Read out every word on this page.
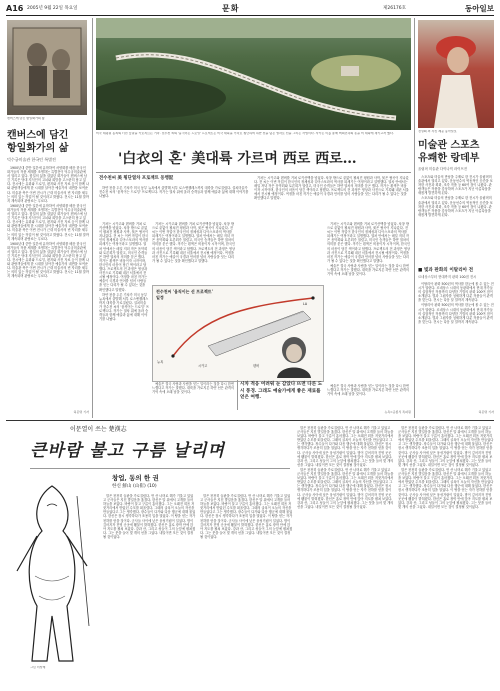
A16 2005년 9월 22일 목요일	문화	제26176호	동아일보
캔버스에 담긴 항일화가의 삶
캔버스에 담긴
항일화가의 삶
덕수궁미술관 한국인 특별전

1900년대 중반 일본에 유학하여 서양화를 배운 한국인 화가들의 작품 세계를 조명하는 특별전이 덕수궁미술관에서 열리고 있다. 항일의 삶을 살았던 화가들이 캔버스에 남긴 기록은 당대 지식인의 고뇌와 희망을 고스란히 담고 있다. 전시에는 유화와 드로잉, 편지와 사진 자료 등이 함께 나와 관람객들에게 한 시대를 살아간 예술가의 내면을 보여준다. 미술관 측은 이번 전시가 근대 미술사의 빈 자리를 채우는 의미 있는 작업이 될 것이라고 밝혔다. 전시는 11월 말까지 계속되며 관람료는 무료다.

1900년대 중반 일본에 유학하여 서양화를 배운 한국인 화가들의 작품 세계를 조명하는 특별전이 덕수궁미술관에서 열리고 있다. 항일의 삶을 살았던 화가들이 캔버스에 남긴 기록은 당대 지식인의 고뇌와 희망을 고스란히 담고 있다. 전시에는 유화와 드로잉, 편지와 사진 자료 등이 함께 나와 관람객들에게 한 시대를 살아간 예술가의 내면을 보여준다. 미술관 측은 이번 전시가 근대 미술사의 빈 자리를 채우는 의미 있는 작업이 될 것이라고 밝혔다. 전시는 11월 말까지 계속되며 관람료는 무료다.

1900년대 중반 일본에 유학하여 서양화를 배운 한국인 화가들의 작품 세계를 조명하는 특별전이 덕수궁미술관에서 열리고 있다. 항일의 삶을 살았던 화가들이 캔버스에 남긴 기록은 당대 지식인의 고뇌와 희망을 고스란히 담고 있다. 전시에는 유화와 드로잉, 편지와 사진 자료 등이 함께 나와 관람객들에게 한 시대를 살아간 예술가의 내면을 보여준다. 미술관 측은 이번 전시가 근대 미술사의 빈 자리를 채우는 의미 있는 작업이 될 것이라고 밝혔다. 전시는 11월 말까지 계속되며 관람료는 무료다.

허문명 기자
미국 대평원 동쪽의 너른 들판을 가로지르는 기차. 전수천 씨의 '움직이는 드로잉' 프로젝트는 미국 대륙을 기차로 횡단하며 하얀 천을 덮은 열차로 선을 그리는 작업이다. 작가는 이를 통해 백의민족의 혼을 미 대륙에 새기고자 했다.	전성희 씨 사진 제공 동아일보
미술관 스포츠
유쾌한 랑데부
올림픽 미술관 다이나믹 라이프전

스포츠와 미술의 만남을 주제로 한 전시가 올림픽미술관에서 열리고 있다. 운동선수의 역동적인 순간을 포착한 사진과 회화, 조각 작품 등 60여 점이 나왔다. 관람객들은 작품을 감상하며 스포츠가 지닌 아름다움을 새롭게 발견하게 된다.

스포츠와 미술의 만남을 주제로 한 전시가 올림픽미술관에서 열리고 있다. 운동선수의 역동적인 순간을 포착한 사진과 회화, 조각 작품 등 60여 점이 나왔다. 관람객들은 작품을 감상하며 스포츠가 지닌 아름다움을 새롭게 발견하게 된다.

■ 빛과 판화의 이탈리아 전
르네상스부터 현대까지 판화 100점 전시

이탈리아 판화 500년의 역사를 한눈에 볼 수 있는 전시가 열린다. 르네상스 시대의 동판화에서 현대 작가들의 실험적인 작품까지 다양한 기법의 판화 100여 점이 소개된다. 빛과 그림자를 섬세하게 다룬 작품들이 관객을 맞는다. 전시는 다음 달 말까지 계속된다.

이탈리아 판화 500년의 역사를 한눈에 볼 수 있는 전시가 열린다. 르네상스 시대의 동판화에서 현대 작가들의 실험적인 작품까지 다양한 기법의 판화 100여 점이 소개된다. 빛과 그림자를 섬세하게 다룬 작품들이 관객을 맞는다. 전시는 다음 달 말까지 계속된다.

허문명 기자
'白衣의 혼' 美대륙 가르며 西로 西로…
전수천씨 美 횡단열차 프로젝트 동행記

하얀 천을 두른 기차가 미국 동부 뉴욕에서 출발해 서부 로스앤젤레스까지 대륙을 가로질렀다. 설치미술가 전수천 씨의 '움직이는 드로잉' 프로젝트다. 작가는 열차 위에 올라 승객들과 함께 예술과 삶에 대해 이야기를 나눴다.

기차는 시카고와 덴버를 거쳐 로키산맥을 넘었다. 차창 밖으로 끝없이 펼쳐진 평원과 사막, 붉은 협곡이 지나갔다. 전 씨는 이번 작업이 한국인의 정체성과 디아스포라의 역사를 되새기는 여정이라고 설명했다. 열차 안에서는 매일 저녁 작은 음악회와 토론회가 열렸고, 미국인 승객들은 하얀 열차의 의미를 묻곤 했다. 작가는 흰색은 비움이자 시작이며, 한국인의 마음이 담긴 색이라고 답했다. 프로젝트의 전 과정은 영상과 사진으로 기록돼 내년 서울에서 전시될 예정이다. 여정을 마친 작가는 예술이 국경과 언어를 넘어 사람들을 잇는 다리가 될 수 있다는 것을 확인했다고 말했다.

기차는 시카고와 덴버를 거쳐 로키산맥을 넘었다. 차창 밖으로 끝없이 펼쳐진 평원과 사막, 붉은 협곡이 지나갔다. 전 씨는 이번 작업이 한국인의 정체성과 디아스포라의 역사를 되새기는 여정이라고 설명했다. 열차 안에서는 매일 저녁 작은 음악회와 토론회가 열렸고, 미국인 승객들은 하얀 열차의 의미를 묻곤 했다. 작가는 흰색은 비움이자 시작이며, 한국인의 마음이 담긴 색이라고 답했다. 프로젝트의 전 과정은 영상과 사진으로 기록돼 내년 서울에서 전시될 예정이다. 여정을 마친 작가는 예술이 국경과 언어를 넘어 사람들을 잇는 다리가 될 수 있다는 것을 확인했다고 말했다.

하얀 천을 두른 기차가 미국 동부 뉴욕에서 출발해 서부 로스앤젤레스까지 대륙을 가로질렀다. 설치미술가 전수천 씨의 '움직이는 드로잉' 프로젝트다. 작가는 열차 위에 올라 승객들과 함께 예술과 삶에 대해 이야기를 나눴다.

기차는 시카고와 덴버를 거쳐 로키산맥을 넘었다. 차창 밖으로 끝없이 펼쳐진 평원과 사막, 붉은 협곡이 지나갔다. 전 씨는 이번 작업이 한국인의 정체성과 디아스포라의 역사를 되새기는 여정이라고 설명했다. 열차 안에서는 매일 저녁 작은 음악회와 토론회가 열렸고, 미국인 승객들은 하얀 열차의 의미를 묻곤 했다. 작가는 흰색은 비움이자 시작이며, 한국인의 마음이 담긴 색이라고 답했다. 프로젝트의 전 과정은 영상과 사진으로 기록돼 내년 서울에서 전시될 예정이다. 여정을 마친 작가는 예술이 국경과 언어를 넘어 사람들을 잇는 다리가 될 수 있다는 것을 확인했다고 말했다.

전수천씨 '움직이는 선 프로젝트' 일정
뉴욕
시카고	덴버
LA
시차 적응 어려워 눈 감았다 뜨면 다른 도시 풍경. 그래도 예술가에게 좋은 재료를 얻은 여행.

예술은 결국 사람과 사람을 잇는 일이라는 것을 다시 한번 느꼈다고 작가는 말했다. 대륙을 가로지른 하얀 선은 관객의 기억 속에 오래 남을 것이다.

기차는 시카고와 덴버를 거쳐 로키산맥을 넘었다. 차창 밖으로 끝없이 펼쳐진 평원과 사막, 붉은 협곡이 지나갔다. 전 씨는 이번 작업이 한국인의 정체성과 디아스포라의 역사를 되새기는 여정이라고 설명했다. 열차 안에서는 매일 저녁 작은 음악회와 토론회가 열렸고, 미국인 승객들은 하얀 열차의 의미를 묻곤 했다. 작가는 흰색은 비움이자 시작이며, 한국인의 마음이 담긴 색이라고 답했다. 프로젝트의 전 과정은 영상과 사진으로 기록돼 내년 서울에서 전시될 예정이다. 여정을 마친 작가는 예술이 국경과 언어를 넘어 사람들을 잇는 다리가 될 수 있다는 것을 확인했다고 말했다.

예술은 결국 사람과 사람을 잇는 일이라는 것을 다시 한번 느꼈다고 작가는 말했다. 대륙을 가로지른 하얀 선은 관객의 기억 속에 오래 남을 것이다.

예술은 결국 사람과 사람을 잇는 일이라는 것을 다시 한번 느꼈다고 작가는 말했다. 대륙을 가로지른 하얀 선은 관객의 기억 속에 오래 남을 것이다.

뉴욕=공종식 특파원
이문열이 쓰는 楚漢志
큰바람 불고 구름 날리며
창업, 동의 한 권
한신 鮮山 (山崔) (10)
그림 이상재

말은 천천히 들판을 가로질렀다. 먼 산 너머로 해가 기울고 있었고 군사들은 지친 발걸음을 옮겼다. 한신은 말 위에서 고개를 들어 하늘을 보았다. 바람이 불고 구름이 흩어졌다. 그는 오래전 회음 저잣거리에서 받았던 수모를 떠올렸다. 그때의 굴욕이 오늘의 자신을 만들었다고 그는 생각했다. 장수들이 다가와 다음 행군에 대해 물었다. 한신은 잠시 생각하다가 조용히 입을 열었다. 이 땅을 얻는 자가 천하를 얻을 것이다. 군사들 사이에 낮은 웅성거림이 일었다. 밤이 깊어지자 진영 곳곳에 횃불이 밝혀졌다. 한신은 홀로 장막 안에 앉아 지도를 펼쳐 보았다. 강과 산, 그리고 성들이 그의 눈앞에 펼쳐졌다. 그는 붓을 들어 몇 개의 선을 그었다. 내일이면 모든 것이 결정될 것이었다.

말은 천천히 들판을 가로질렀다. 먼 산 너머로 해가 기울고 있었고 군사들은 지친 발걸음을 옮겼다. 한신은 말 위에서 고개를 들어 하늘을 보았다. 바람이 불고 구름이 흩어졌다. 그는 오래전 회음 저잣거리에서 받았던 수모를 떠올렸다. 그때의 굴욕이 오늘의 자신을 만들었다고 그는 생각했다. 장수들이 다가와 다음 행군에 대해 물었다. 한신은 잠시 생각하다가 조용히 입을 열었다. 이 땅을 얻는 자가 천하를 얻을 것이다. 군사들 사이에 낮은 웅성거림이 일었다. 밤이 깊어지자 진영 곳곳에 횃불이 밝혀졌다. 한신은 홀로 장막 안에 앉아 지도를 펼쳐 보았다. 강과 산, 그리고 성들이 그의 눈앞에 펼쳐졌다. 그는 붓을 들어 몇 개의 선을 그었다. 내일이면 모든 것이 결정될 것이었다.

말은 천천히 들판을 가로질렀다. 먼 산 너머로 해가 기울고 있었고 군사들은 지친 발걸음을 옮겼다. 한신은 말 위에서 고개를 들어 하늘을 보았다. 바람이 불고 구름이 흩어졌다. 그는 오래전 회음 저잣거리에서 받았던 수모를 떠올렸다. 그때의 굴욕이 오늘의 자신을 만들었다고 그는 생각했다. 장수들이 다가와 다음 행군에 대해 물었다. 한신은 잠시 생각하다가 조용히 입을 열었다. 이 땅을 얻는 자가 천하를 얻을 것이다. 군사들 사이에 낮은 웅성거림이 일었다. 밤이 깊어지자 진영 곳곳에 횃불이 밝혀졌다. 한신은 홀로 장막 안에 앉아 지도를 펼쳐 보았다. 강과 산, 그리고 성들이 그의 눈앞에 펼쳐졌다. 그는 붓을 들어 몇 개의 선을 그었다. 내일이면 모든 것이 결정될 것이었다.

말은 천천히 들판을 가로질렀다. 먼 산 너머로 해가 기울고 있었고 군사들은 지친 발걸음을 옮겼다. 한신은 말 위에서 고개를 들어 하늘을 보았다. 바람이 불고 구름이 흩어졌다. 그는 오래전 회음 저잣거리에서 받았던 수모를 떠올렸다. 그때의 굴욕이 오늘의 자신을 만들었다고 그는 생각했다. 장수들이 다가와 다음 행군에 대해 물었다. 한신은 잠시 생각하다가 조용히 입을 열었다. 이 땅을 얻는 자가 천하를 얻을 것이다. 군사들 사이에 낮은 웅성거림이 일었다. 밤이 깊어지자 진영 곳곳에 횃불이 밝혀졌다. 한신은 홀로 장막 안에 앉아 지도를 펼쳐 보았다. 강과 산, 그리고 성들이 그의 눈앞에 펼쳐졌다. 그는 붓을 들어 몇 개의 선을 그었다. 내일이면 모든 것이 결정될 것이었다.

말은 천천히 들판을 가로질렀다. 먼 산 너머로 해가 기울고 있었고 군사들은 지친 발걸음을 옮겼다. 한신은 말 위에서 고개를 들어 하늘을 보았다. 바람이 불고 구름이 흩어졌다. 그는 오래전 회음 저잣거리에서 받았던 수모를 떠올렸다. 그때의 굴욕이 오늘의 자신을 만들었다고 그는 생각했다. 장수들이 다가와 다음 행군에 대해 물었다. 한신은 잠시 생각하다가 조용히 입을 열었다. 이 땅을 얻는 자가 천하를 얻을 것이다. 군사들 사이에 낮은 웅성거림이 일었다. 밤이 깊어지자 진영 곳곳에 횃불이 밝혀졌다. 한신은 홀로 장막 안에 앉아 지도를 펼쳐 보았다. 강과 산, 그리고 성들이 그의 눈앞에 펼쳐졌다. 그는 붓을 들어 몇 개의 선을 그었다. 내일이면 모든 것이 결정될 것이었다.

말은 천천히 들판을 가로질렀다. 먼 산 너머로 해가 기울고 있었고 군사들은 지친 발걸음을 옮겼다. 한신은 말 위에서 고개를 들어 하늘을 보았다. 바람이 불고 구름이 흩어졌다. 그는 오래전 회음 저잣거리에서 받았던 수모를 떠올렸다. 그때의 굴욕이 오늘의 자신을 만들었다고 그는 생각했다. 장수들이 다가와 다음 행군에 대해 물었다. 한신은 잠시 생각하다가 조용히 입을 열었다. 이 땅을 얻는 자가 천하를 얻을 것이다. 군사들 사이에 낮은 웅성거림이 일었다. 밤이 깊어지자 진영 곳곳에 횃불이 밝혀졌다. 한신은 홀로 장막 안에 앉아 지도를 펼쳐 보았다. 강과 산, 그리고 성들이 그의 눈앞에 펼쳐졌다. 그는 붓을 들어 몇 개의 선을 그었다. 내일이면 모든 것이 결정될 것이었다.
